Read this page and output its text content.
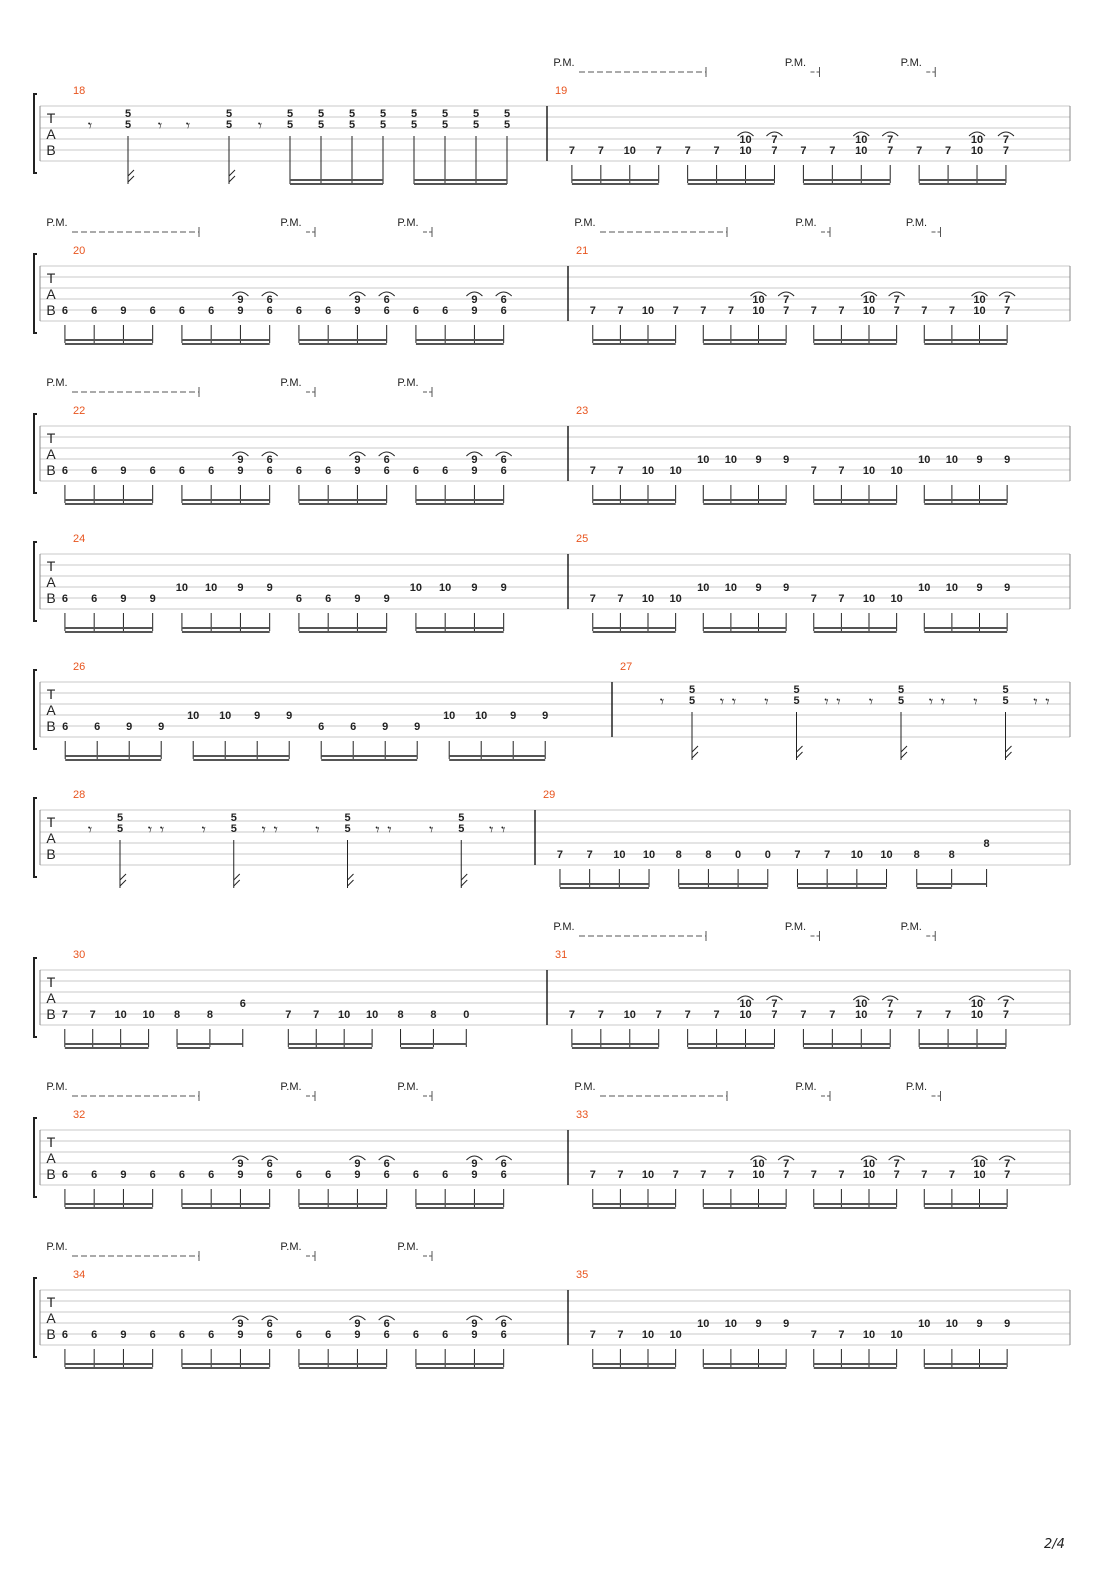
T
A
B
18	19
𝄾
5
5 𝄾 𝄾
5
5 𝄾
5
5
5
5
5
5
5
5
5
5
5
5
5
5
5
5
7 7 10 7 7 7
10
10
7
7 7 7
10
10
7
7 7 7
10
10
7
7
P.M.	P.M.	P.M.
T
A
B
20	21
6 6 9 6 6 6
9
9
6
6 6 6
9
9
6
6 6 6
9
9
6
6
P.M.	P.M.	P.M.
7 7 10 7 7 7
10
10
7
7 7 7
10
10
7
7 7 7
10
10
7
7
P.M.	P.M.	P.M.
T
A
B
22	23
6 6 9 6 6 6
9
9
6
6 6 6
9
9
6
6 6 6
9
9
6
6
P.M.	P.M.	P.M.
7 7 10 10
10 10 9 9
7 7 10 10
10 10 9 9
T
A
B
24	25
6 6 9 9
10 10 9 9
6 6 9 9
10 10 9 9
7 7 10 10
10 10 9 9
7 7 10 10
10 10 9 9
T
A
B
26	27
6 6 9 9
10 10 9 9
6 6 9 9
10 10 9 9
𝄾
5
5 𝄾 𝄾 𝄾
5
5 𝄾 𝄾 𝄾
5
5 𝄾 𝄾 𝄾
5
5 𝄾 𝄾
T
A
B
28	29
𝄾
5
5 𝄾 𝄾 𝄾
5
5 𝄾 𝄾 𝄾
5
5 𝄾 𝄾 𝄾
5
5 𝄾 𝄾
7 7 10 10 8 8 0 0 7 7 10 10 8	8
8
T
A
B
30	31
7 7 10 10 8 8
6
7 7 10 10 8 8 0	7 7 10 7 7 7
10
10
7
7 7 7
10
10
7
7 7 7
10
10
7
7
P.M.	P.M.	P.M.
T
A
B
32	33
6 6 9 6 6 6
9
9
6
6 6 6
9
9
6
6 6 6
9
9
6
6
P.M.	P.M.	P.M.
7 7 10 7 7 7
10
10
7
7 7 7
10
10
7
7 7 7
10
10
7
7
P.M.	P.M.	P.M.
T
A
B
34	35
6 6 9 6 6 6
9
9
6
6 6 6
9
9
6
6 6 6
9
9
6
6
P.M.	P.M.	P.M.
7 7 10 10
10 10 9 9
7 7 10 10
10 10 9 9
2/4
